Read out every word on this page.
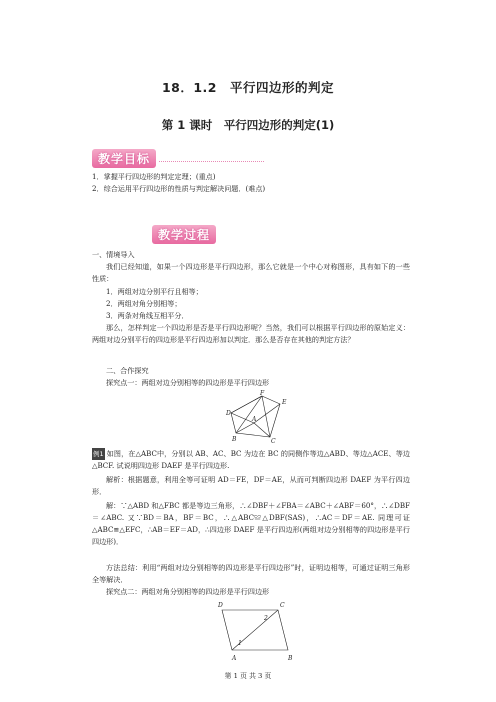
18．1.2　平行四边形的判定
第 1 课时　平行四边形的判定(1)
教学目标
1．掌握平行四边形的判定定理；(重点)
2．综合运用平行四边形的性质与判定解决问题．(难点)
教学过程
一、情境导入
我们已经知道，如果一个四边形是平行四边形，那么它就是一个中心对称图形，具有如下的一些性质：
1．两组对边分别平行且相等；
2．两组对角分别相等；
3．两条对角线互相平分．
那么，怎样判定一个四边形是否是平行四边形呢？当然，我们可以根据平行四边形的原始定义：两组对边分别平行的四边形是平行四边形加以判定．那么是否存在其他的判定方法？
二、合作探究
探究点一：两组对边分别相等的四边形是平行四边形
F
E
D
A
B	C
例1 如图，在△ABC中，分别以 AB、AC、BC 为边在 BC 的同侧作等边△ABD、等边△ACE、等边△BCF. 试说明四边形 DAEF 是平行四边形.
解析：根据题意，利用全等可证明 AD＝FE，DF＝AE，从而可判断四边形 DAEF 为平行四边形．
解：∵△ABD 和△FBC 都是等边三角形，∴∠DBF＋∠FBA＝∠ABC＋∠ABF＝60°，∴∠DBF＝∠ABC. 又∵BD＝BA，BF＝BC，∴△ABC≌△DBF(SAS)，∴AC＝DF＝AE. 同理可证△ABC≌△EFC，∴AB＝EF＝AD，∴四边形 DAEF 是平行四边形(两组对边分别相等的四边形是平行四边形)．
方法总结：利用“两组对边分别相等的四边形是平行四边形”时，证明边相等，可通过证明三角形全等解决．
探究点二：两组对角分别相等的四边形是平行四边形
D	C
2
1
A	B
第 1 页 共 3 页
